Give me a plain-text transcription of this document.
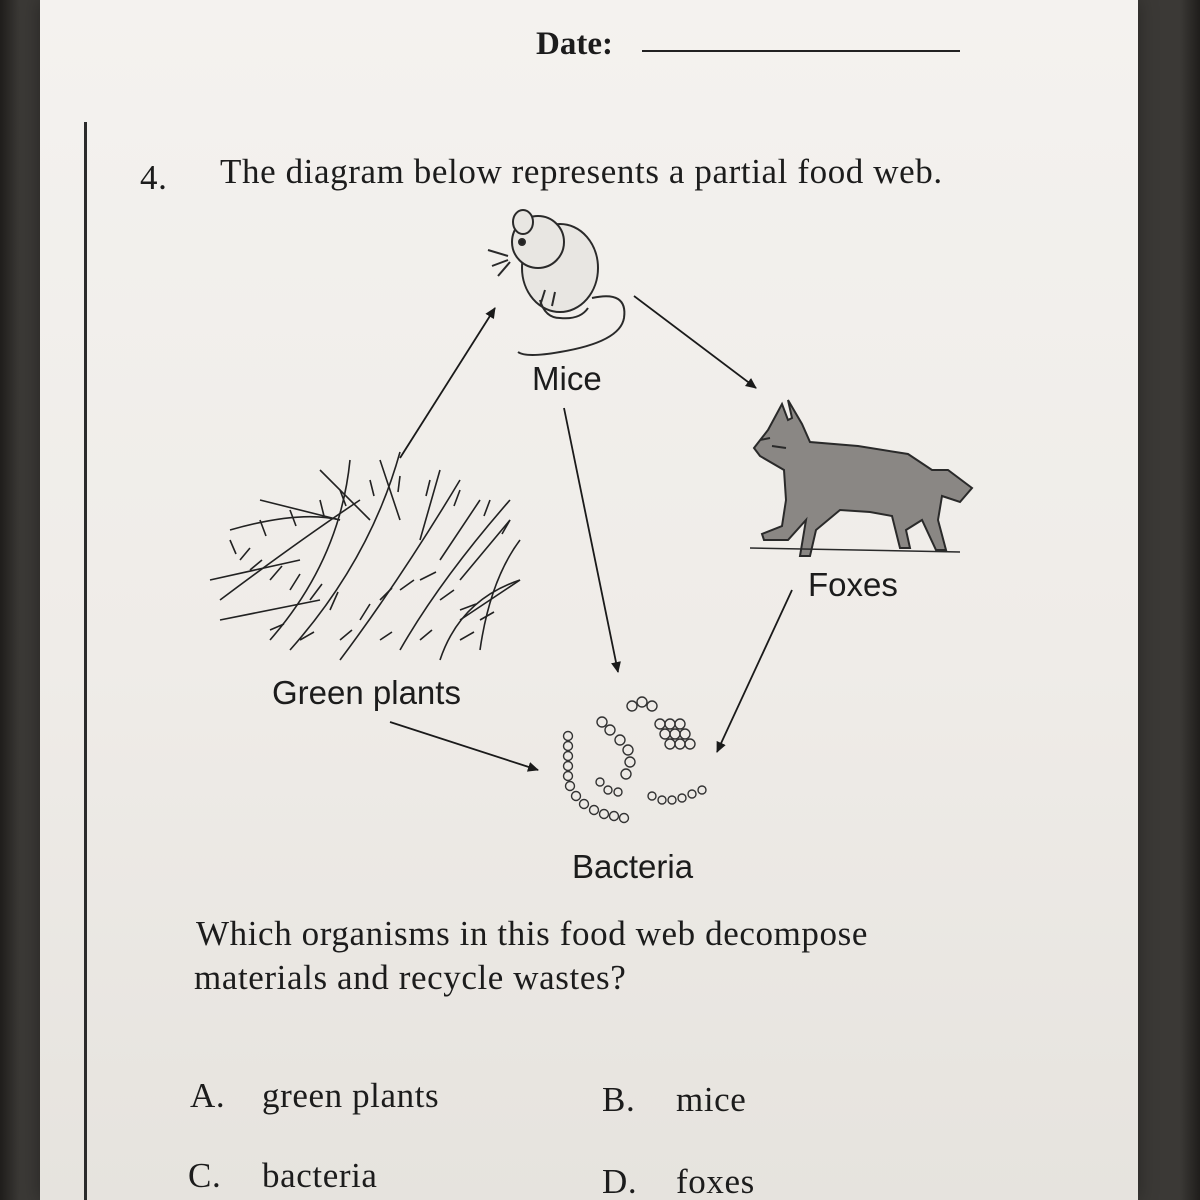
Date:
4. The diagram below represents a partial food web.
Mice
Foxes
Green plants
Bacteria
Which organisms in this food web decompose
materials and recycle wastes?
A. green plants	B. mice
C. bacteria	D. foxes
